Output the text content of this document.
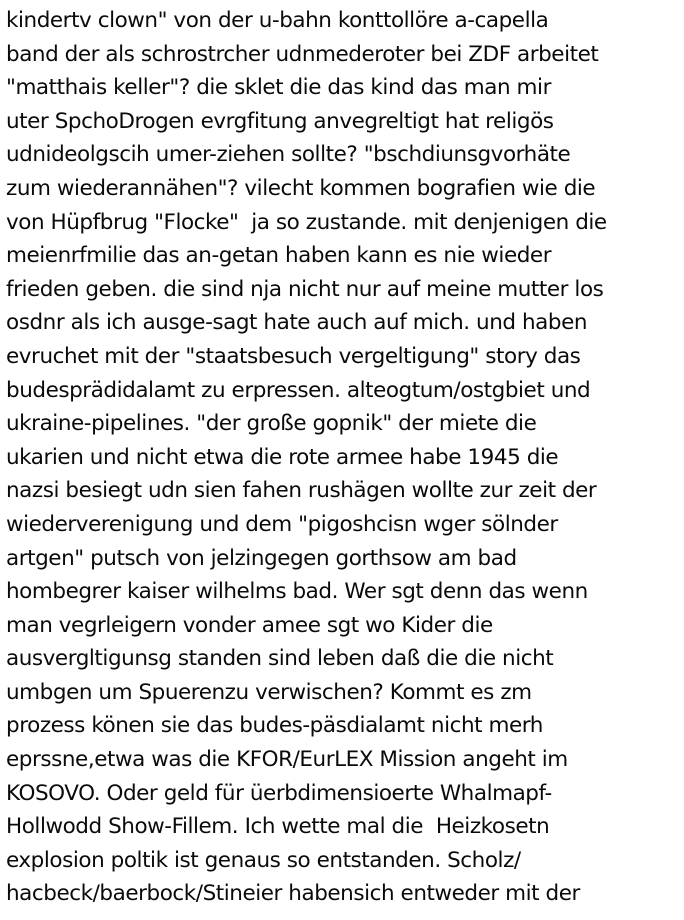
kindertv clown" von der u-bahn konttollöre a-capella
band der als schrostrcher udnmederoter bei ZDF arbeitet
"matthais keller"? die sklet die das kind das man mir
uter SpchoDrogen evrgfitung anvegreltigt hat religös
udnideolgscih umer-ziehen sollte? "bschdiunsgvorhäte
zum wiederannähen"? vilecht kommen bografien wie die
von Hüpfbrug "Flocke"  ja so zustande. mit denjenigen die
meienrfmilie das an-getan haben kann es nie wieder
frieden geben. die sind nja nicht nur auf meine mutter los
osdnr als ich ausge-sagt hate auch auf mich. und haben
evruchet mit der "staatsbesuch vergeltigung" story das
budesprädidalamt zu erpressen. alteogtum/ostgbiet und
ukraine-pipelines. "der große gopnik" der miete die
ukarien und nicht etwa die rote armee habe 1945 die
nazsi besiegt udn sien fahen rushägen wollte zur zeit der
wiederverenigung und dem "pigoshcisn wger sölnder
artgen" putsch von jelzingegen gorthsow am bad
hombegrer kaiser wilhelms bad. Wer sgt denn das wenn
man vegrleigern vonder amee sgt wo Kider die
ausvergltigunsg standen sind leben daß die die nicht
umbgen um Spuerenzu verwischen? Kommt es zm
prozess könen sie das budes-päsdialamt nicht merh
eprssne,etwa was die KFOR/EurLEX Mission angeht im
KOSOVO. Oder geld für üerbdimensioerte Whalmapf-
Hollwodd Show-Fillem. Ich wette mal die  Heizkosetn
explosion poltik ist genaus so entstanden. Scholz/
hacbeck/baerbock/Stineier habensich entweder mit der
